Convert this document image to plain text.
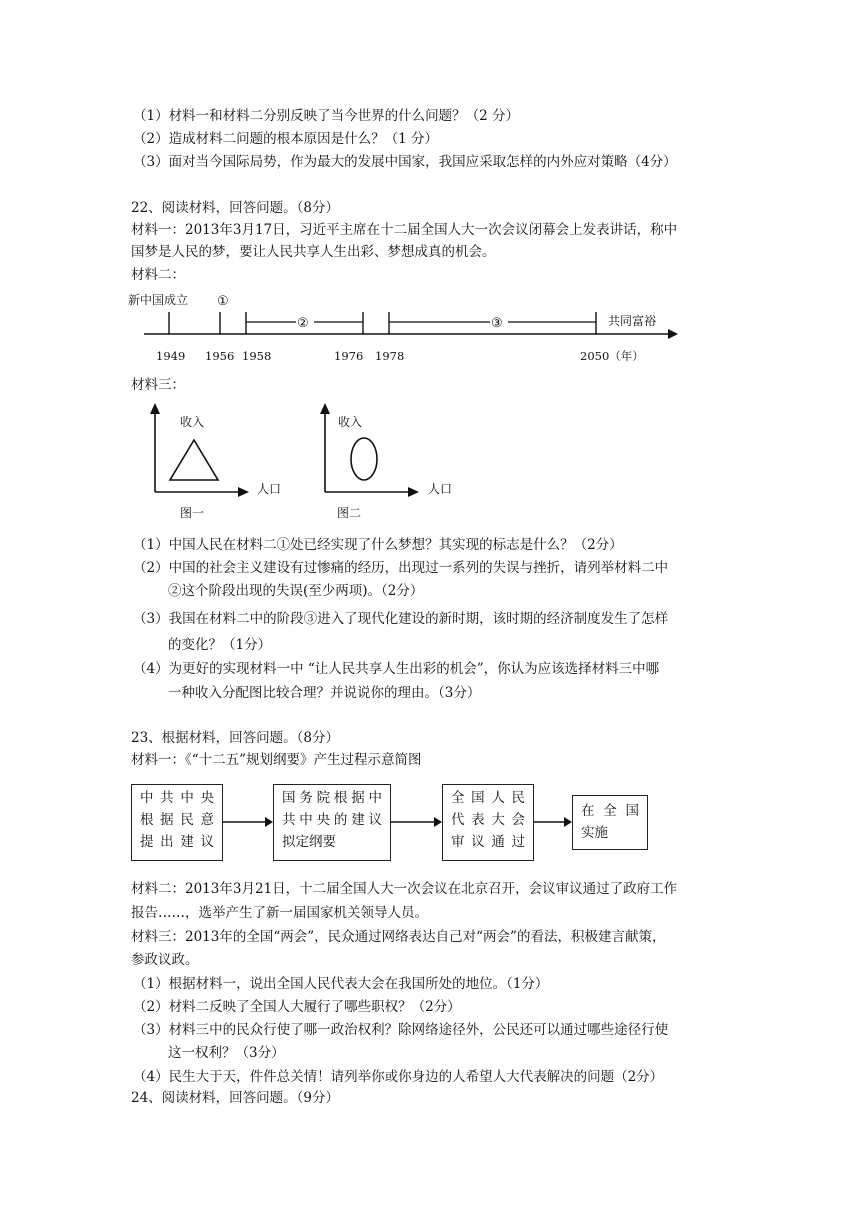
（1）材料一和材料二分别反映了当今世界的什么问题？（2 分）
（2）造成材料二问题的根本原因是什么？（1 分）
（3）面对当今国际局势，作为最大的发展中国家，我国应采取怎样的内外应对策略（4分）
22、阅读材料，回答问题。（8分）
材料一：2013年3月17日，习近平主席在十二届全国人大一次会议闭幕会上发表讲话，称中
国梦是人民的梦，要让人民共享人生出彩、梦想成真的机会。
材料二：
新中国成立 ①
②	③	共同富裕
1949 1956 1958	1976 1978	2050（年）
材料三：
收入
人口
图一
收入
人口
图二
（1）中国人民在材料二①处已经实现了什么梦想？其实现的标志是什么？（2分）
（2）中国的社会主义建设有过惨痛的经历，出现过一系列的失误与挫折，请列举材料二中
②这个阶段出现的失误(至少两项)。（2分）
（3）我国在材料二中的阶段③进入了现代化建设的新时期，该时期的经济制度发生了怎样
的变化？（1分）
（4）为更好的实现材料一中 “让人民共享人生出彩的机会”，你认为应该选择材料三中哪
一种收入分配图比较合理？并说说你的理由。（3分）
23、根据材料，回答问题。（8分）
材料一：《“十二五”规划纲要》产生过程示意简图
中共中央
根据民意
提出建议
国务院根据中
共中央的建议
拟定纲要
全国人民
代表大会
审议通过
在 全 国
实施
材料二：2013年3月21日，十二届全国人大一次会议在北京召开，会议审议通过了政府工作
报告……，选举产生了新一届国家机关领导人员。
材料三：2013年的全国“两会”，民众通过网络表达自己对“两会”的看法，积极建言献策，
参政议政。
（1）根据材料一，说出全国人民代表大会在我国所处的地位。（1分）
（2）材料二反映了全国人大履行了哪些职权？（2分）
（3）材料三中的民众行使了哪一政治权利？除网络途径外，公民还可以通过哪些途径行使
这一权利？（3分）
（4）民生大于天，件件总关情！请列举你或你身边的人希望人大代表解决的问题（2分）
24、阅读材料，回答问题。（9分）
